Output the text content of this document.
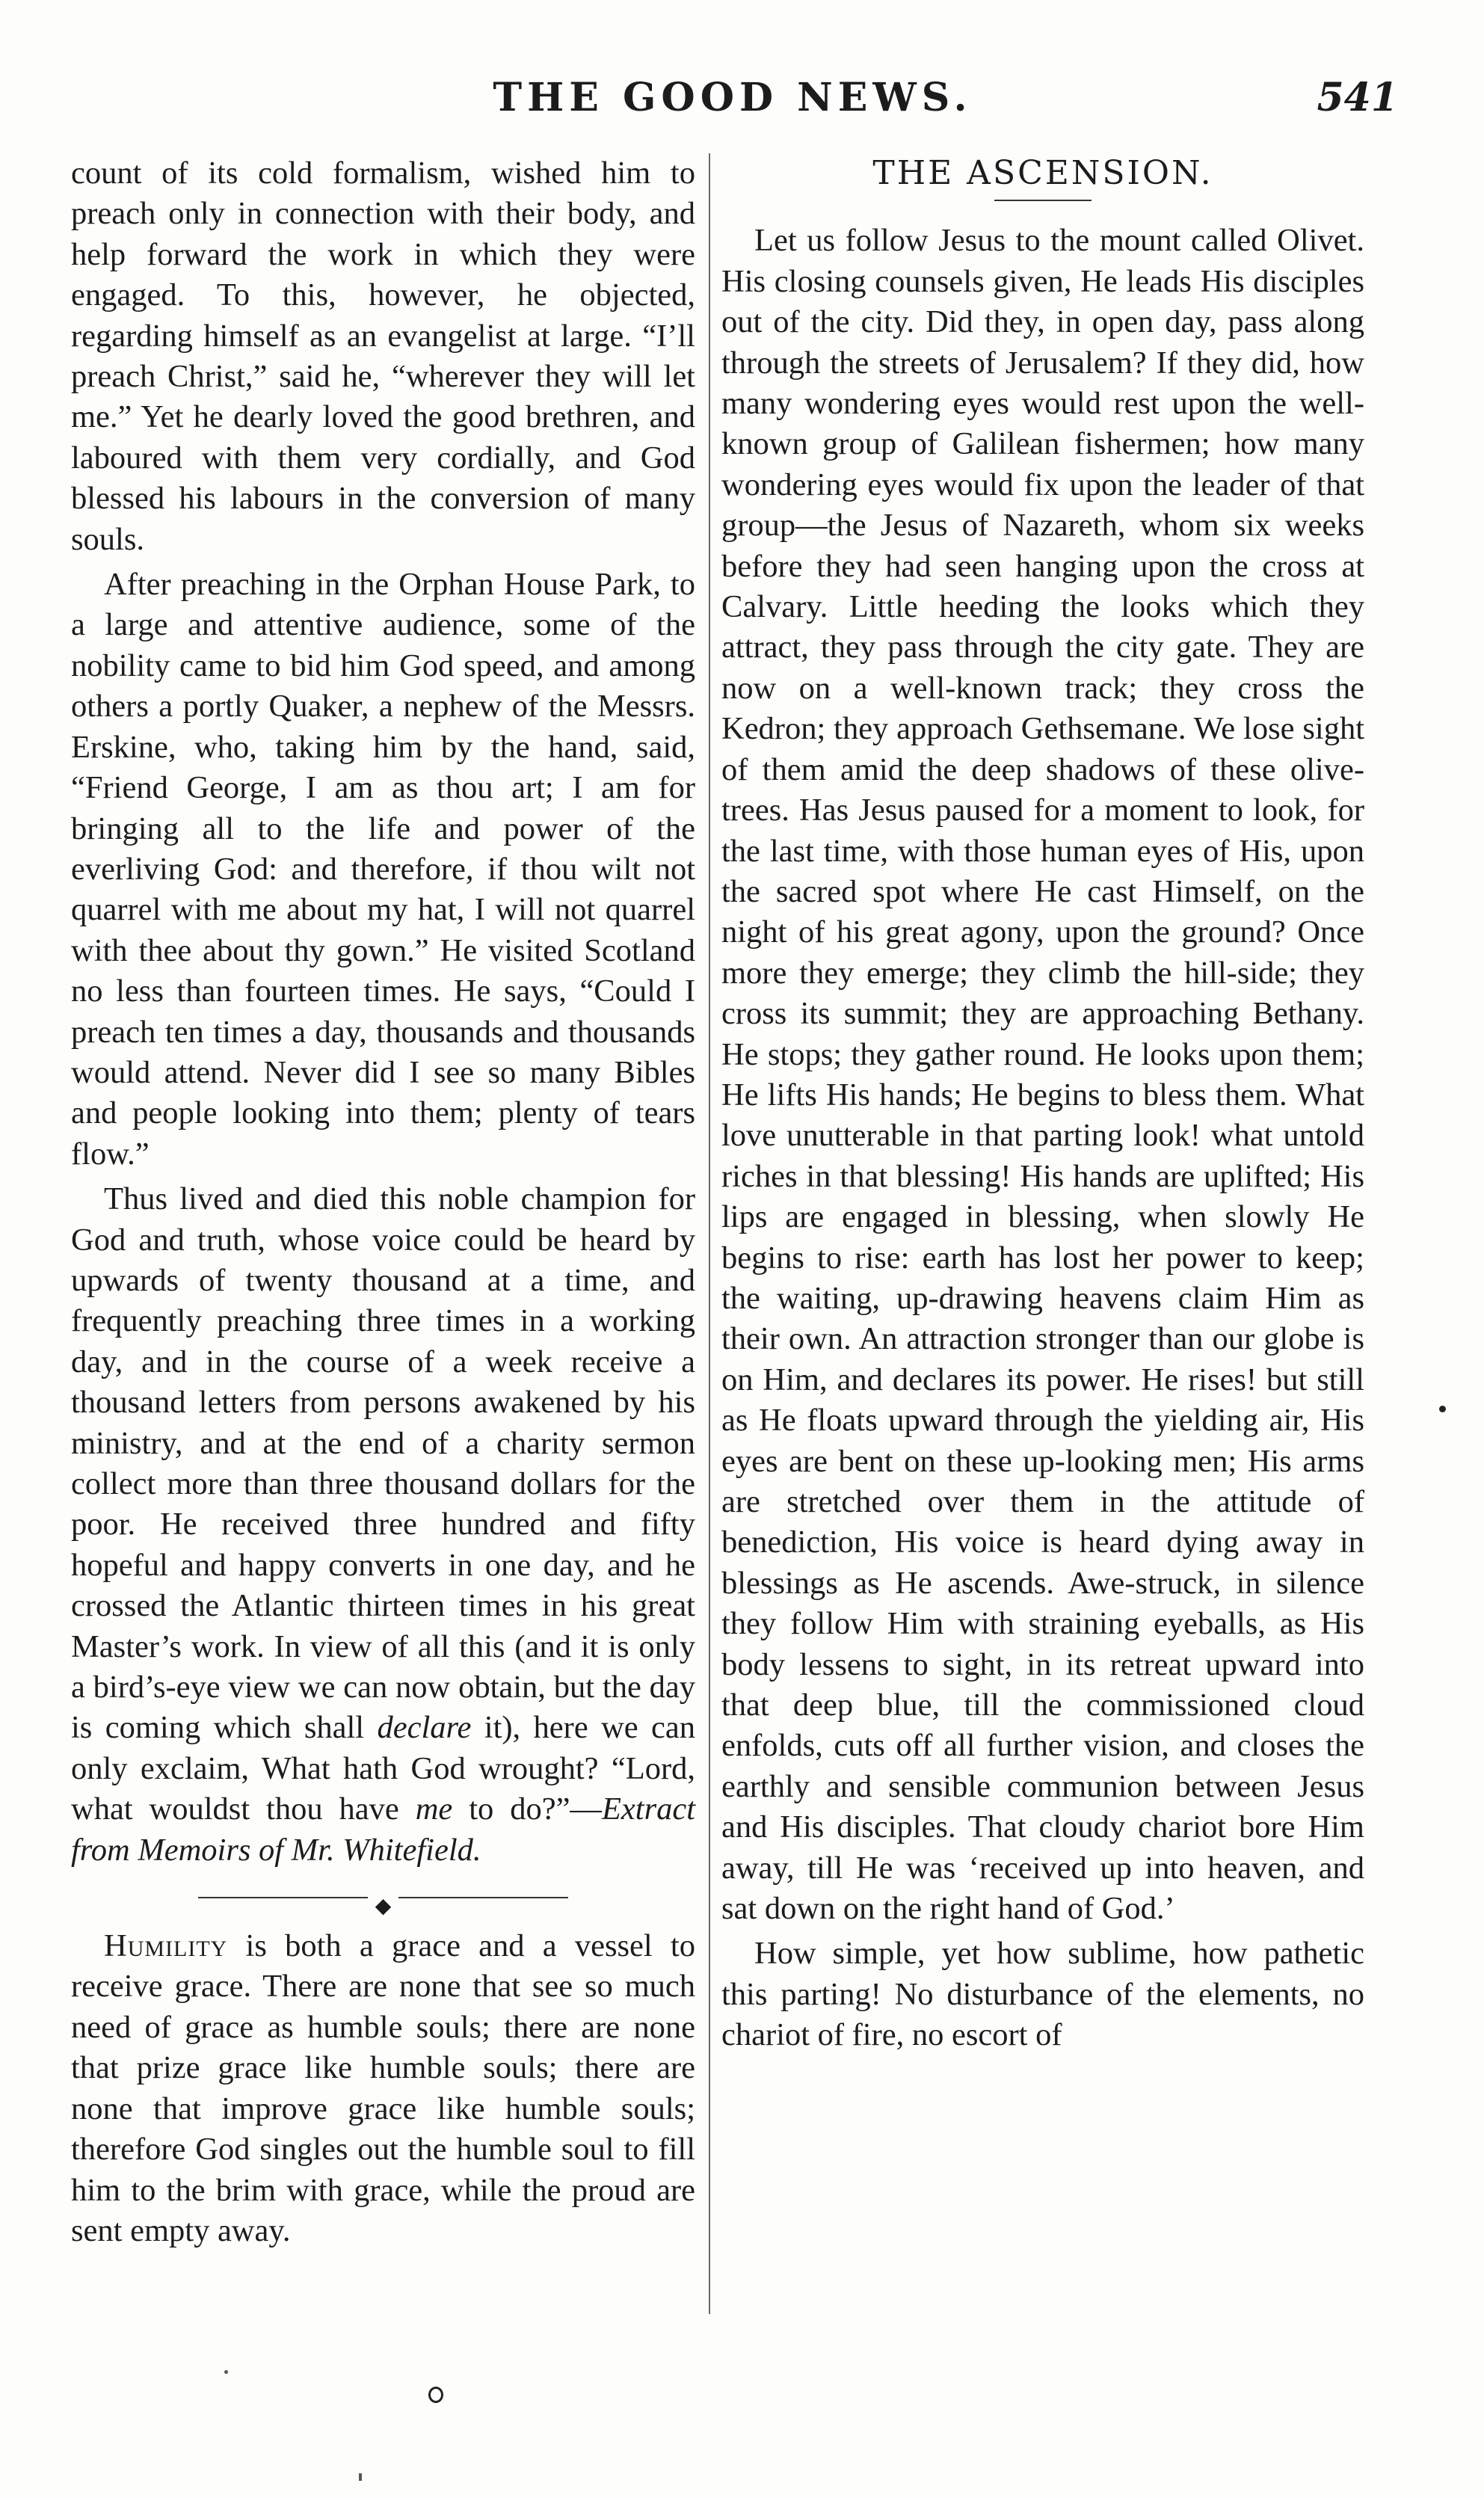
THE GOOD NEWS.	541

count of its cold formalism, wished him to preach only in connection with their body, and help forward the work in which they were engaged. To this, however, he objected, regarding himself as an evangelist at large. “I’ll preach Christ,” said he, “wherever they will let me.” Yet he dearly loved the good brethren, and laboured with them very cordially, and God blessed his labours in the conversion of many souls.

After preaching in the Orphan House Park, to a large and attentive audience, some of the nobility came to bid him God speed, and among others a portly Quaker, a nephew of the Messrs. Erskine, who, taking him by the hand, said, “Friend George, I am as thou art; I am for bringing all to the life and power of the everliving God: and therefore, if thou wilt not quarrel with me about my hat, I will not quarrel with thee about thy gown.” He visited Scotland no less than fourteen times. He says, “Could I preach ten times a day, thousands and thousands would attend. Never did I see so many Bibles and people looking into them; plenty of tears flow.”

Thus lived and died this noble champion for God and truth, whose voice could be heard by upwards of twenty thousand at a time, and frequently preaching three times in a working day, and in the course of a week receive a thousand letters from persons awakened by his ministry, and at the end of a charity sermon collect more than three thousand dollars for the poor. He received three hundred and fifty hopeful and happy converts in one day, and he crossed the Atlantic thirteen times in his great Master’s work. In view of all this (and it is only a bird’s-eye view we can now obtain, but the day is coming which shall declare it), here we can only exclaim, What hath God wrought? “Lord, what wouldst thou have me to do?”—Extract from Memoirs of Mr. Whitefield.

◆

Humility is both a grace and a vessel to receive grace. There are none that see so much need of grace as humble souls; there are none that prize grace like humble souls; there are none that improve grace like humble souls; therefore God singles out the humble soul to fill him to the brim with grace, while the proud are sent empty away.

THE ASCENSION.

Let us follow Jesus to the mount called Olivet. His closing counsels given, He leads His disciples out of the city. Did they, in open day, pass along through the streets of Jerusalem? If they did, how many wondering eyes would rest upon the well-known group of Galilean fishermen; how many wondering eyes would fix upon the leader of that group—the Jesus of Nazareth, whom six weeks before they had seen hanging upon the cross at Calvary. Little heeding the looks which they attract, they pass through the city gate. They are now on a well-known track; they cross the Kedron; they approach Gethsemane. We lose sight of them amid the deep shadows of these olive-trees. Has Jesus paused for a moment to look, for the last time, with those human eyes of His, upon the sacred spot where He cast Himself, on the night of his great agony, upon the ground? Once more they emerge; they climb the hill-side; they cross its summit; they are approaching Bethany. He stops; they gather round. He looks upon them; He lifts His hands; He begins to bless them. What love unutterable in that parting look! what untold riches in that blessing! His hands are uplifted; His lips are engaged in blessing, when slowly He begins to rise: earth has lost her power to keep; the waiting, up-drawing heavens claim Him as their own. An attraction stronger than our globe is on Him, and declares its power. He rises! but still as He floats upward through the yielding air, His eyes are bent on these up-looking men; His arms are stretched over them in the attitude of benediction, His voice is heard dying away in blessings as He ascends. Awe-struck, in silence they follow Him with straining eyeballs, as His body lessens to sight, in its retreat upward into that deep blue, till the commissioned cloud enfolds, cuts off all further vision, and closes the earthly and sensible communion between Jesus and His disciples. That cloudy chariot bore Him away, till He was ‘received up into heaven, and sat down on the right hand of God.’

How simple, yet how sublime, how pathetic this parting! No disturbance of the elements, no chariot of fire, no escort of
